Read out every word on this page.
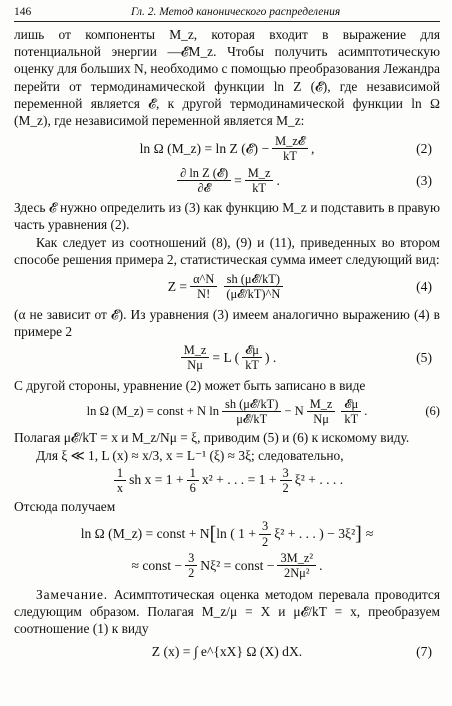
146	Гл. 2. Метод канонического распределения

лишь от компоненты M_z, которая входит в выражение для потенциальной энергии —𝓔M_z. Чтобы получить асимптотическую оценку для больших N, необходимо с помощью преобразования Лежандра перейти от термодинамической функции ln Z (𝓔), где независимой переменной является 𝓔, к другой термодинамической функции ln Ω (M_z), где независимой переменной является M_z:

ln Ω (M_z) = ln Z (𝓔) − $\frac{\text{M\_z𝓔}}{kT}$ ,	(2)
$\frac{\text{∂ ln Z (𝓔)}}{\text{∂𝓔}} = \frac{M\_z}{kT}$ .	(3)

Здесь 𝓔 нужно определить из (3) как функцию M_z и подставить в правую часть уравнения (2).

Как следует из соотношений (8), (9) и (11), приведенных во втором способе решения примера 2, статистическая сумма имеет следующий вид:

$Z = \frac{\alpha\^{}N}{N!} \frac{\text{sh (μ𝓔/kT)}}{\text{(μ𝓔/kT)\textasciicircum{}N}}$	(4)

(α не зависит от 𝓔). Из уравнения (3) имеем аналогично выражению (4) в примере 2

$\frac{M\_z}{N\mu} = L$ ( $\frac{\text{𝓔μ}}{kT}$ ) .	(5)

С другой стороны, уравнение (2) может быть записано в виде

ln Ω (M_z) = const + N $\ln \frac{\text{sh (μ𝓔/kT)}}{\text{μ𝓔/kT}} - N \frac{M\_z}{N\mu} \frac{\text{𝓔μ}}{kT}$ .	(6)

Полагая μ𝓔/kT = x и M_z/Nμ = ξ, приводим (5) и (6) к искомому виду.

Для ξ ≪ 1, L (x) ≈ x/3, x = L⁻¹ (ξ) ≈ 3ξ; следовательно,

$\frac{1}{x}$ sh $x = 1 + \frac{1}{6} x^2$ + . . . = $1 + \frac{3}{2} \xi^2$ + . . . .

Отсюда получаем

ln Ω (M_z) = const + N [ ln ( $1 + \frac{3}{2} \xi^2$ + . . . ) − 3ξ² ] ≈
≈ const − $\frac{3}{2} N\xi^2$ = const − $\frac{\text{3M\_z²}}{\text{2Nμ²}}$ .

Замечание. Асимптотическая оценка методом перевала проводится следующим образом. Полагая M_z/μ = X и μ𝓔/kT = x, преобразуем соотношение (1) к виду

Z (x) = ∫ e^{xX} Ω (X) dX.	(7)
